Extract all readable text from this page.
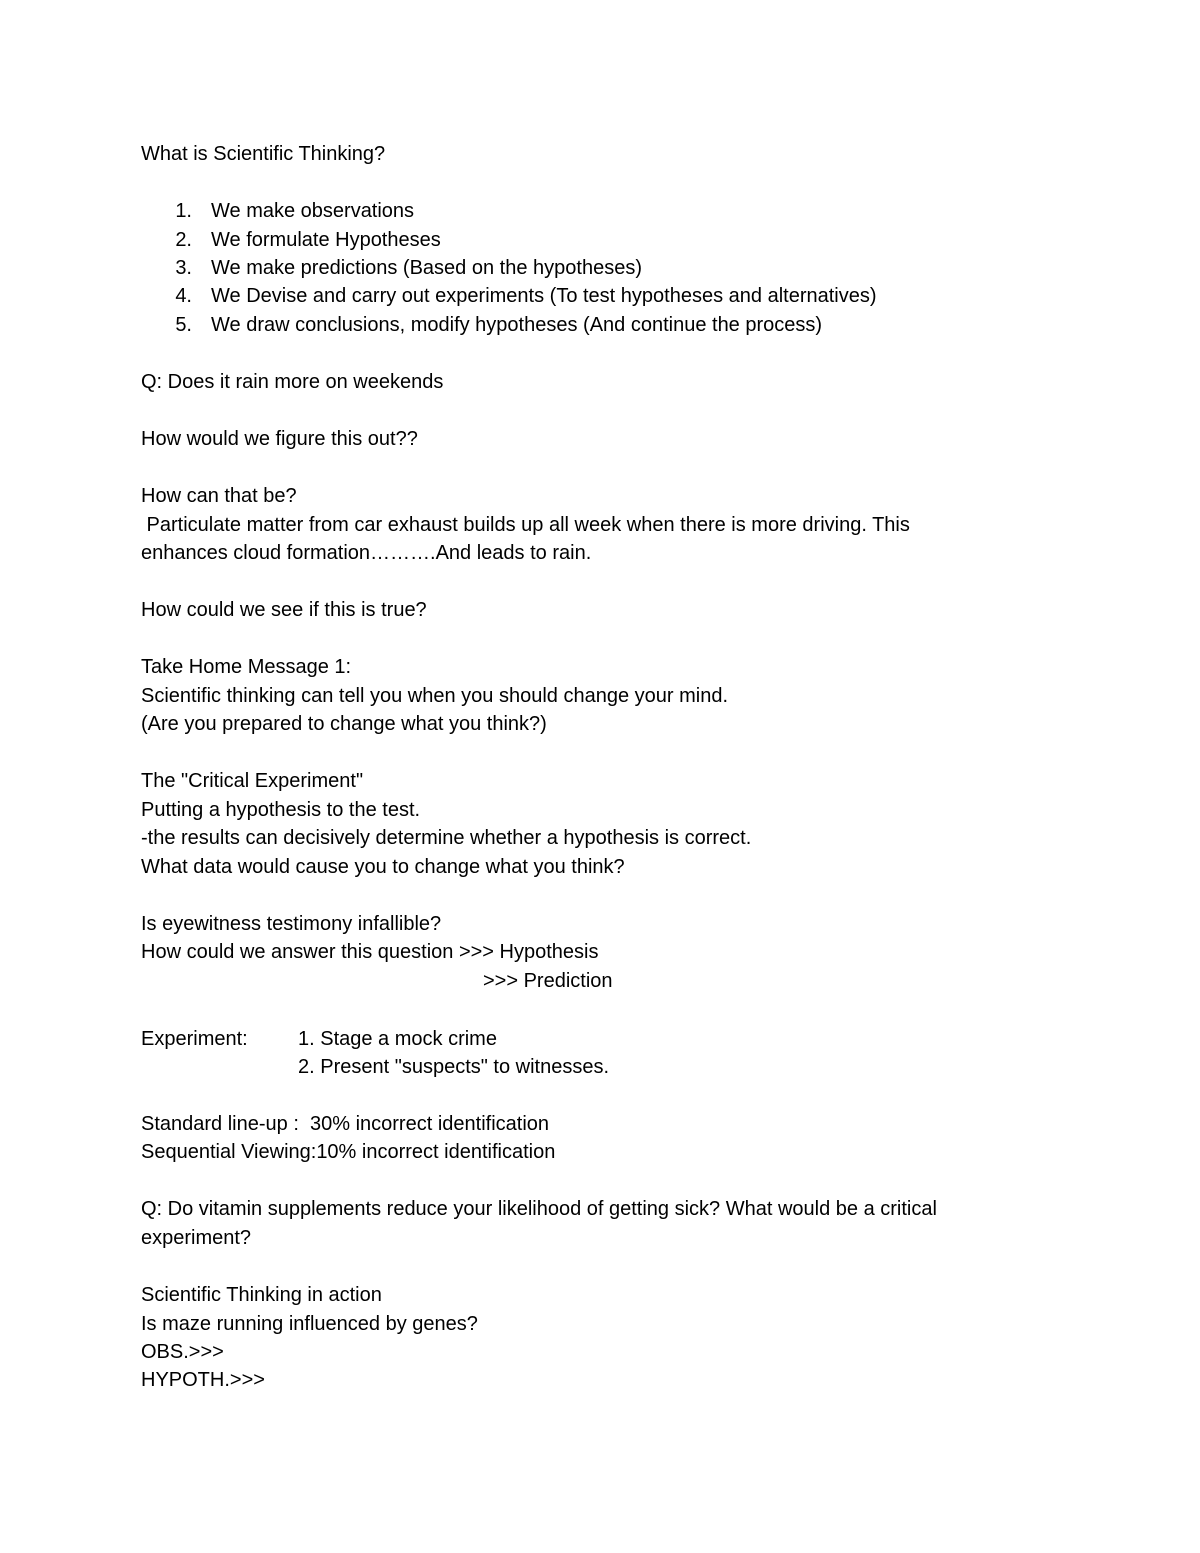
What is Scientific Thinking?
1. We make observations
2. We formulate Hypotheses
3. We make predictions (Based on the hypotheses)
4. We Devise and carry out experiments (To test hypotheses and alternatives)
5. We draw conclusions, modify hypotheses (And continue the process)
Q: Does it rain more on weekends
How would we figure this out??
How can that be?
Particulate matter from car exhaust builds up all week when there is more driving. This
enhances cloud formation……….And leads to rain.
How could we see if this is true?
Take Home Message 1:
Scientific thinking can tell you when you should change your mind.
(Are you prepared to change what you think?)
The "Critical Experiment"
Putting a hypothesis to the test.
-the results can decisively determine whether a hypothesis is correct.
What data would cause you to change what you think?
Is eyewitness testimony infallible?
How could we answer this question >>> Hypothesis
>>> Prediction
Experiment:	1. Stage a mock crime
2. Present "suspects" to witnesses.
Standard line-up :  30% incorrect identification
Sequential Viewing:10% incorrect identification
Q: Do vitamin supplements reduce your likelihood of getting sick? What would be a critical
experiment?
Scientific Thinking in action
Is maze running influenced by genes?
OBS.>>>
HYPOTH.>>>
